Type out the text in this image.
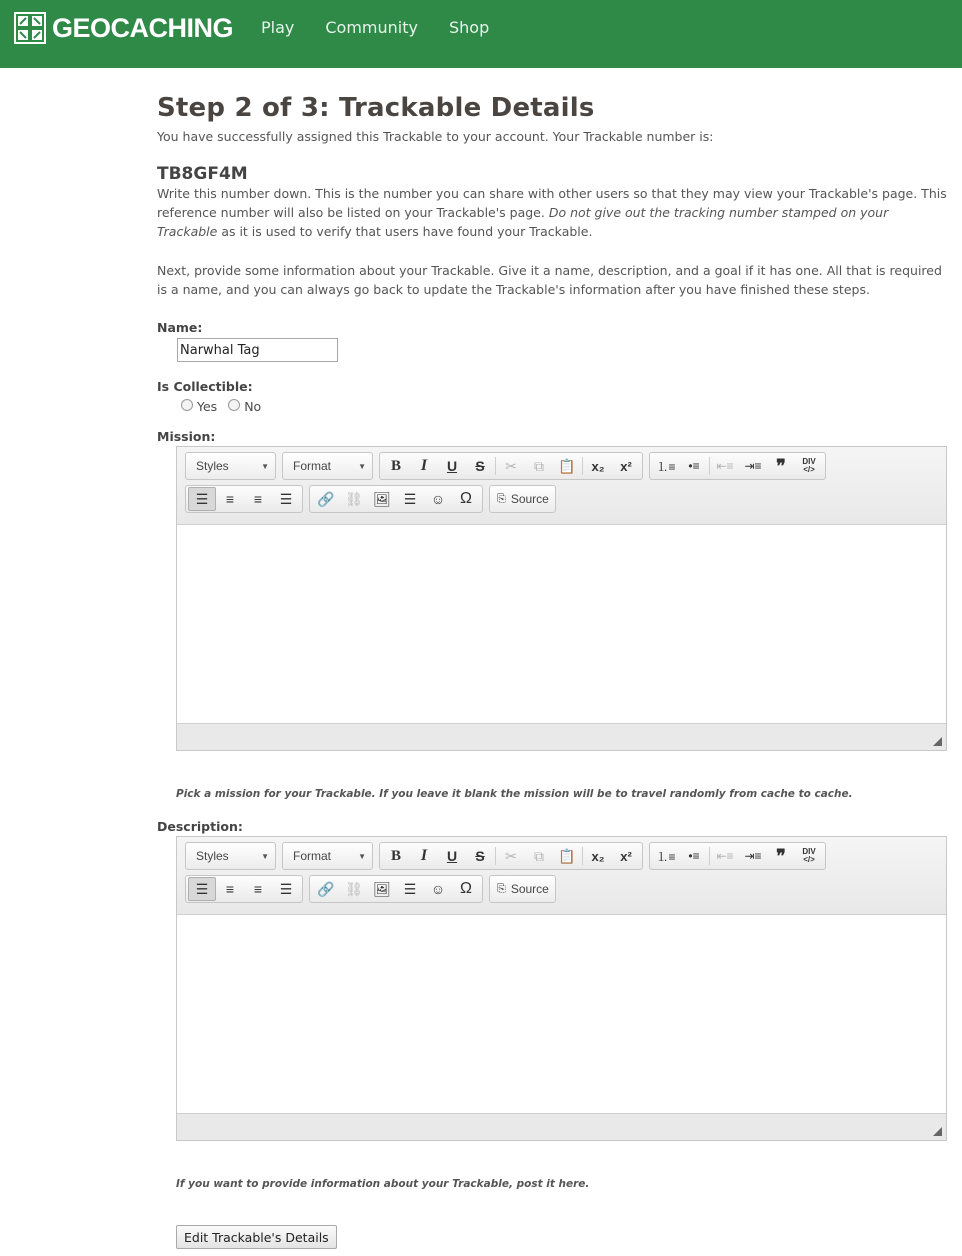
GEOCACHING Play Community Shop
Step 2 of 3: Trackable Details

You have successfully assigned this Trackable to your account. Your Trackable number is:

TB8GF4M

Write this number down. This is the number you can share with other users so that they may view your Trackable's page. This reference number will also be listed on your Trackable's page. Do not give out the tracking number stamped on your Trackable as it is used to verify that users have found your Trackable.

Next, provide some information about your Trackable. Give it a name, description, and a goal if it has one. All that is required is a name, and you can always go back to update the Trackable's information after you have finished these steps.

Name:
Narwhal Tag
Is Collectible:
Yes No
Mission:
Styles	▼ Format	▼	B	I	U	S	✂	⧉	📋	x₂	x²	⒈≡	•≡	⇤≡ ⇥≡ ❞	DIV
</>
☰	≡	≡	☰	🔗 ⛓ 🖼 ☰	☺ Ω	⎘ Source
Pick a mission for your Trackable. If you leave it blank the mission will be to travel randomly from cache to cache.
Description:
Styles	▼ Format	▼	B	I	U	S	✂	⧉	📋	x₂	x²	⒈≡	•≡	⇤≡ ⇥≡ ❞	DIV
</>
☰	≡	≡	☰	🔗 ⛓ 🖼 ☰	☺ Ω	⎘ Source
If you want to provide information about your Trackable, post it here.
Edit Trackable's Details
